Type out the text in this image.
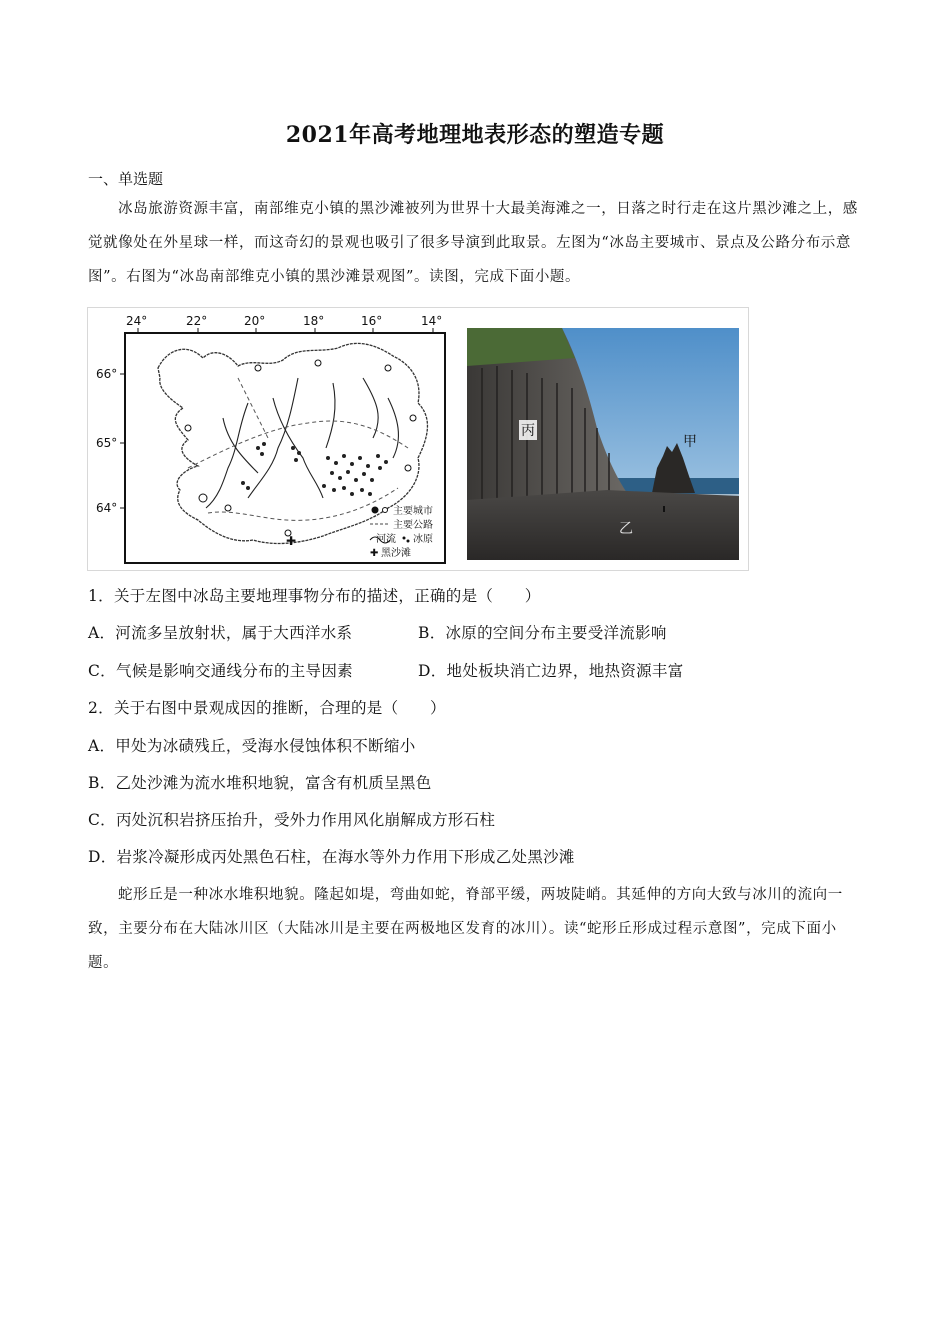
2021年高考地理地表形态的塑造专题
一、单选题
冰岛旅游资源丰富，南部维克小镇的黑沙滩被列为世界十大最美海滩之一，日落之时行走在这片黑沙滩之上，感觉就像处在外星球一样，而这奇幻的景观也吸引了很多导演到此取景。左图为“冰岛主要城市、景点及公路分布示意图”。右图为“冰岛南部维克小镇的黑沙滩景观图”。读图，完成下面小题。
24°	22°	20°	18°	16°	14°
66°
65°
64°
✚
主要城市
主要公路
河流 冰原
✚ 黑沙滩
丙
甲
乙
1．关于左图中冰岛主要地理事物分布的描述，正确的是（　　）
A．河流多呈放射状，属于大西洋水系	B．冰原的空间分布主要受洋流影响
C．气候是影响交通线分布的主导因素	D．地处板块消亡边界，地热资源丰富
2．关于右图中景观成因的推断，合理的是（　　）
A．甲处为冰碛残丘，受海水侵蚀体积不断缩小
B．乙处沙滩为流水堆积地貌，富含有机质呈黑色
C．丙处沉积岩挤压抬升，受外力作用风化崩解成方形石柱
D．岩浆冷凝形成丙处黑色石柱，在海水等外力作用下形成乙处黑沙滩
蛇形丘是一种冰水堆积地貌。隆起如堤，弯曲如蛇，脊部平缓，两坡陡峭。其延伸的方向大致与冰川的流向一致，主要分布在大陆冰川区（大陆冰川是主要在两极地区发育的冰川）。读“蛇形丘形成过程示意图”，完成下面小题。
